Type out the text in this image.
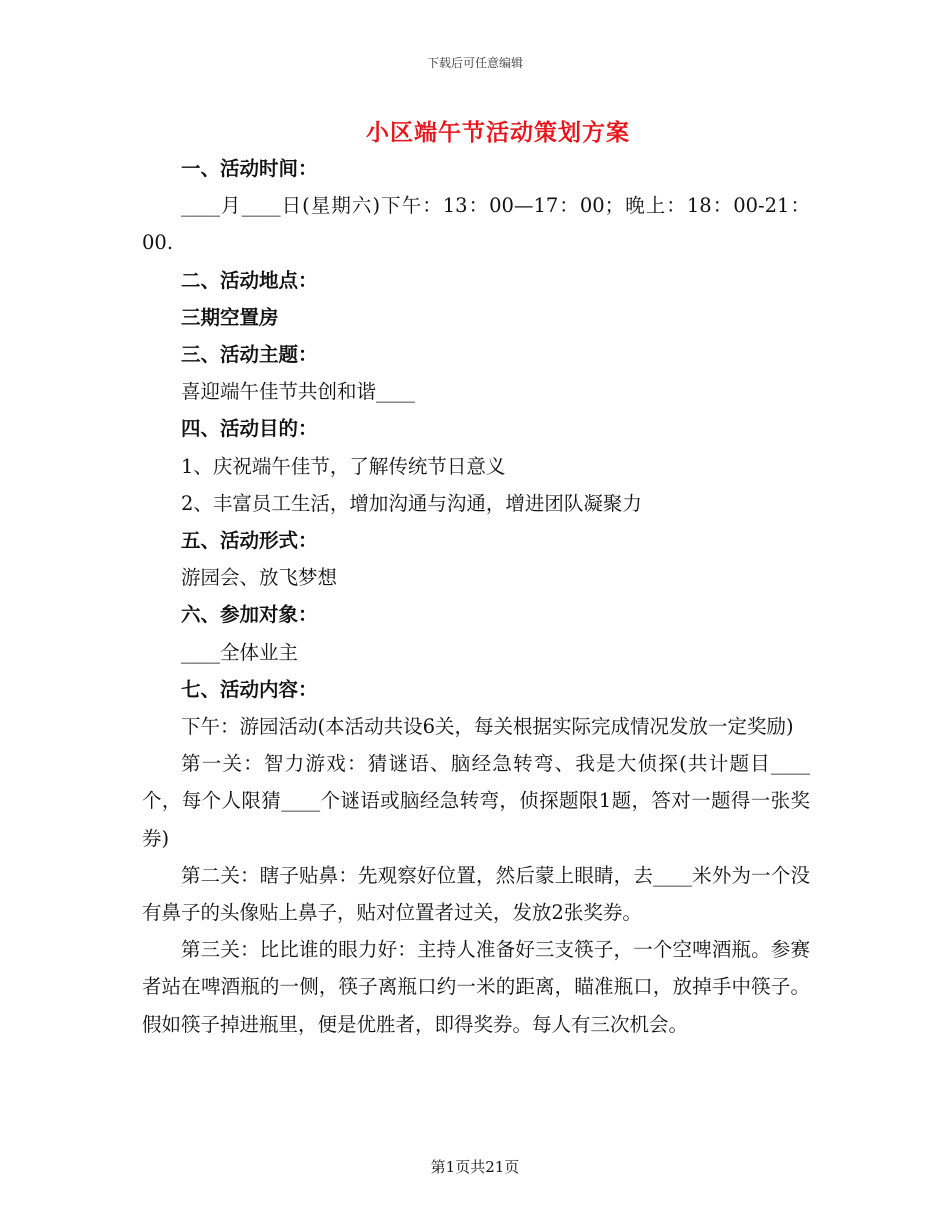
下载后可任意编辑
小区端午节活动策划方案

一、活动时间：

____月____日(星期六)下午：13：00—17：00；晚上：18：00-21：00.

二、活动地点：

三期空置房

三、活动主题：

喜迎端午佳节共创和谐____

四、活动目的：

1、庆祝端午佳节，了解传统节日意义

2、丰富员工生活，增加沟通与沟通，增进团队凝聚力

五、活动形式：

游园会、放飞梦想

六、参加对象：

____全体业主

七、活动内容：

下午：游园活动(本活动共设6关，每关根据实际完成情况发放一定奖励)

第一关：智力游戏：猜谜语、脑经急转弯、我是大侦探(共计题目____个，每个人限猜____个谜语或脑经急转弯，侦探题限1题，答对一题得一张奖券)

第二关：瞎子贴鼻：先观察好位置，然后蒙上眼睛，去____米外为一个没有鼻子的头像贴上鼻子，贴对位置者过关，发放2张奖券。

第三关：比比谁的眼力好：主持人准备好三支筷子，一个空啤酒瓶。参赛者站在啤酒瓶的一侧，筷子离瓶口约一米的距离，瞄准瓶口，放掉手中筷子。假如筷子掉进瓶里，便是优胜者，即得奖券。每人有三次机会。

第1页共21页
